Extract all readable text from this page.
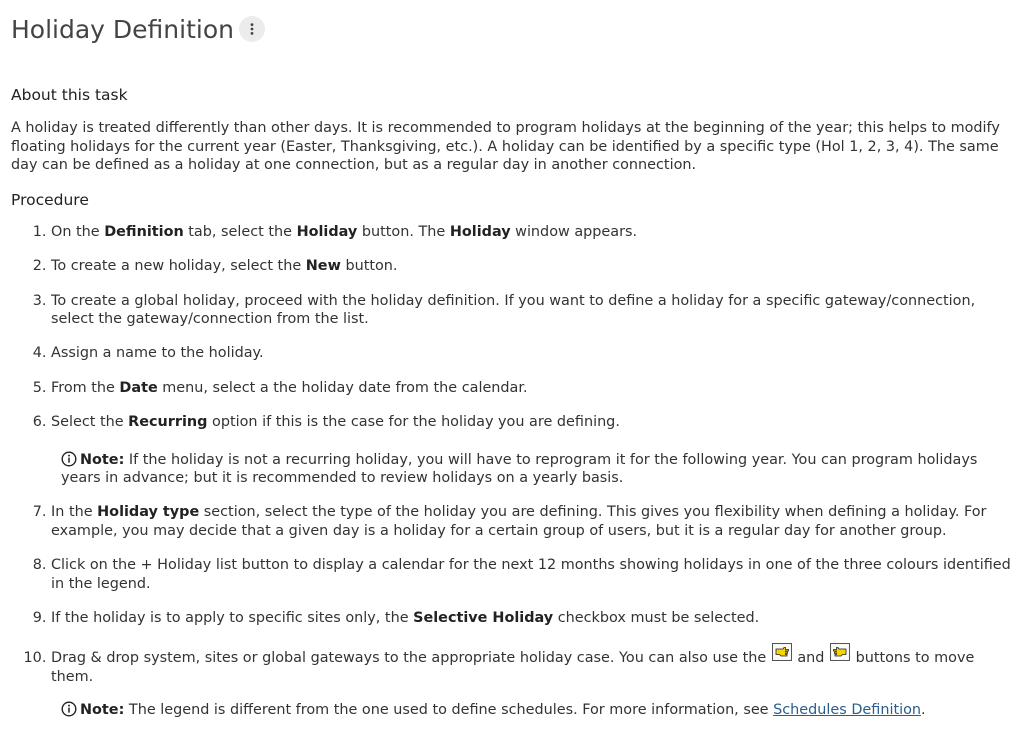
Holiday Definition
About this task

A holiday is treated differently than other days. It is recommended to program holidays at the beginning of the year; this helps to modify floating holidays for the current year (Easter, Thanksgiving, etc.). A holiday can be identified by a specific type (Hol 1, 2, 3, 4). The same day can be defined as a holiday at one connection, but as a regular day in another connection.

Procedure
1. On the Definition tab, select the Holiday button. The Holiday window appears.
2. To create a new holiday, select the New button.
3. To create a global holiday, proceed with the holiday definition. If you want to define a holiday for a specific gateway/connection, select the gateway/connection from the list.
4. Assign a name to the holiday.
5. From the Date menu, select a the holiday date from the calendar.
6. Select the Recurring option if this is the case for the holiday you are defining.
Note: If the holiday is not a recurring holiday, you will have to reprogram it for the following year. You can program holidays years in advance; but it is recommended to review holidays on a yearly basis.
7. In the Holiday type section, select the type of the holiday you are defining. This gives you flexibility when defining a holiday. For example, you may decide that a given day is a holiday for a certain group of users, but it is a regular day for another group.
8. Click on the + Holiday list button to display a calendar for the next 12 months showing holidays in one of the three colours identified in the legend.
9. If the holiday is to apply to specific sites only, the Selective Holiday checkbox must be selected.
10. Drag & drop system, sites or global gateways to the appropriate holiday case. You can also use the
and
buttons to move them.
Note: The legend is different from the one used to define schedules. For more information, see Schedules Definition.
